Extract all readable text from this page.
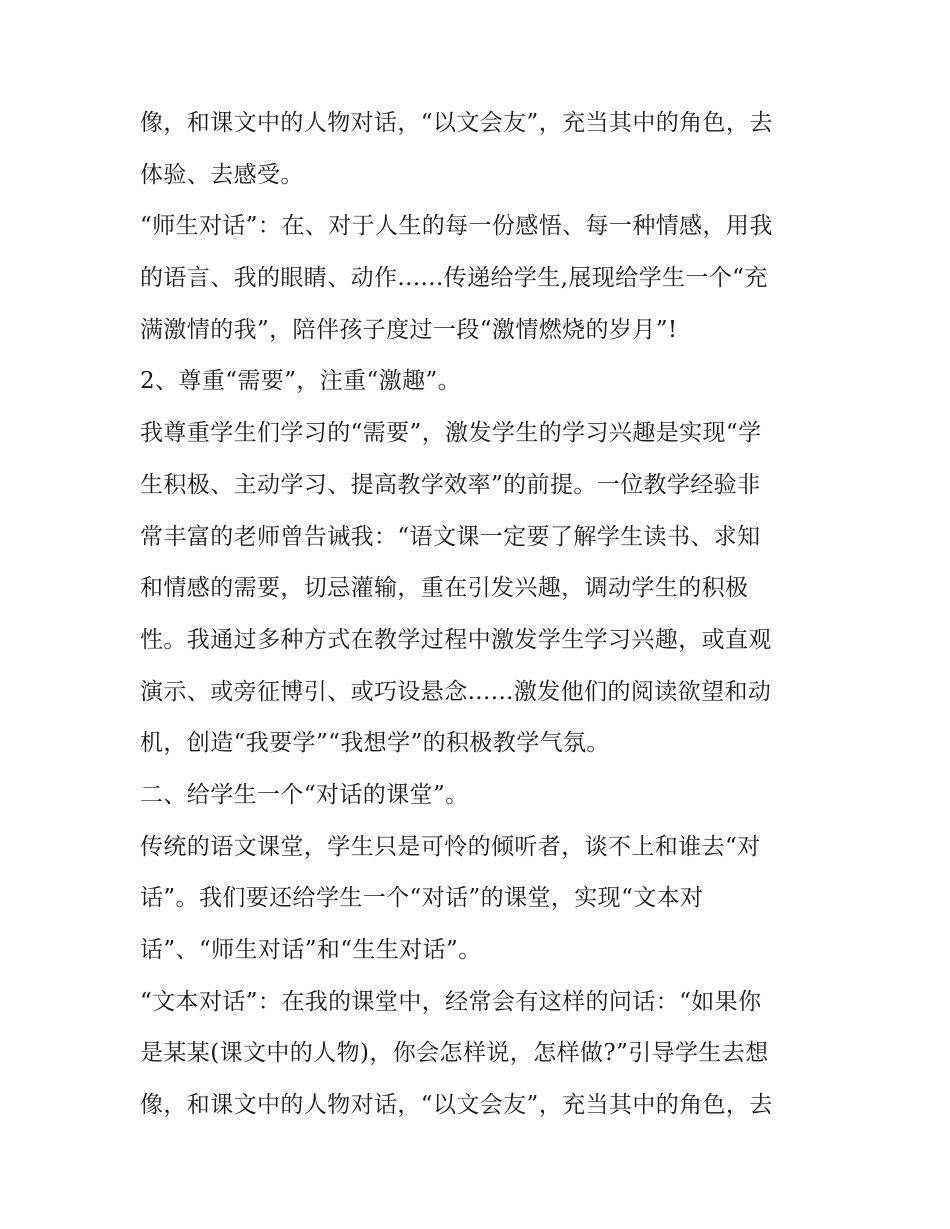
像，和课文中的人物对话，“以文会友”，充当其中的角色，去
体验、去感受。
“师生对话”：在、对于人生的每一份感悟、每一种情感，用我
的语言、我的眼睛、动作......传递给学生,展现给学生一个“充
满激情的我”，陪伴孩子度过一段“激情燃烧的岁月”!
2、尊重“需要”，注重“激趣”。
我尊重学生们学习的“需要”，激发学生的学习兴趣是实现“学
生积极、主动学习、提高教学效率”的前提。一位教学经验非
常丰富的老师曾告诫我：“语文课一定要了解学生读书、求知
和情感的需要，切忌灌输，重在引发兴趣，调动学生的积极
性。我通过多种方式在教学过程中激发学生学习兴趣，或直观
演示、或旁征博引、或巧设悬念......激发他们的阅读欲望和动
机，创造“我要学”“我想学”的积极教学气氛。
二、给学生一个“对话的课堂”。
传统的语文课堂，学生只是可怜的倾听者，谈不上和谁去“对
话”。我们要还给学生一个“对话”的课堂，实现“文本对
话”、“师生对话”和“生生对话”。
“文本对话”：在我的课堂中，经常会有这样的问话：“如果你
是某某(课文中的人物)，你会怎样说，怎样做?”引导学生去想
像，和课文中的人物对话，“以文会友”，充当其中的角色，去
